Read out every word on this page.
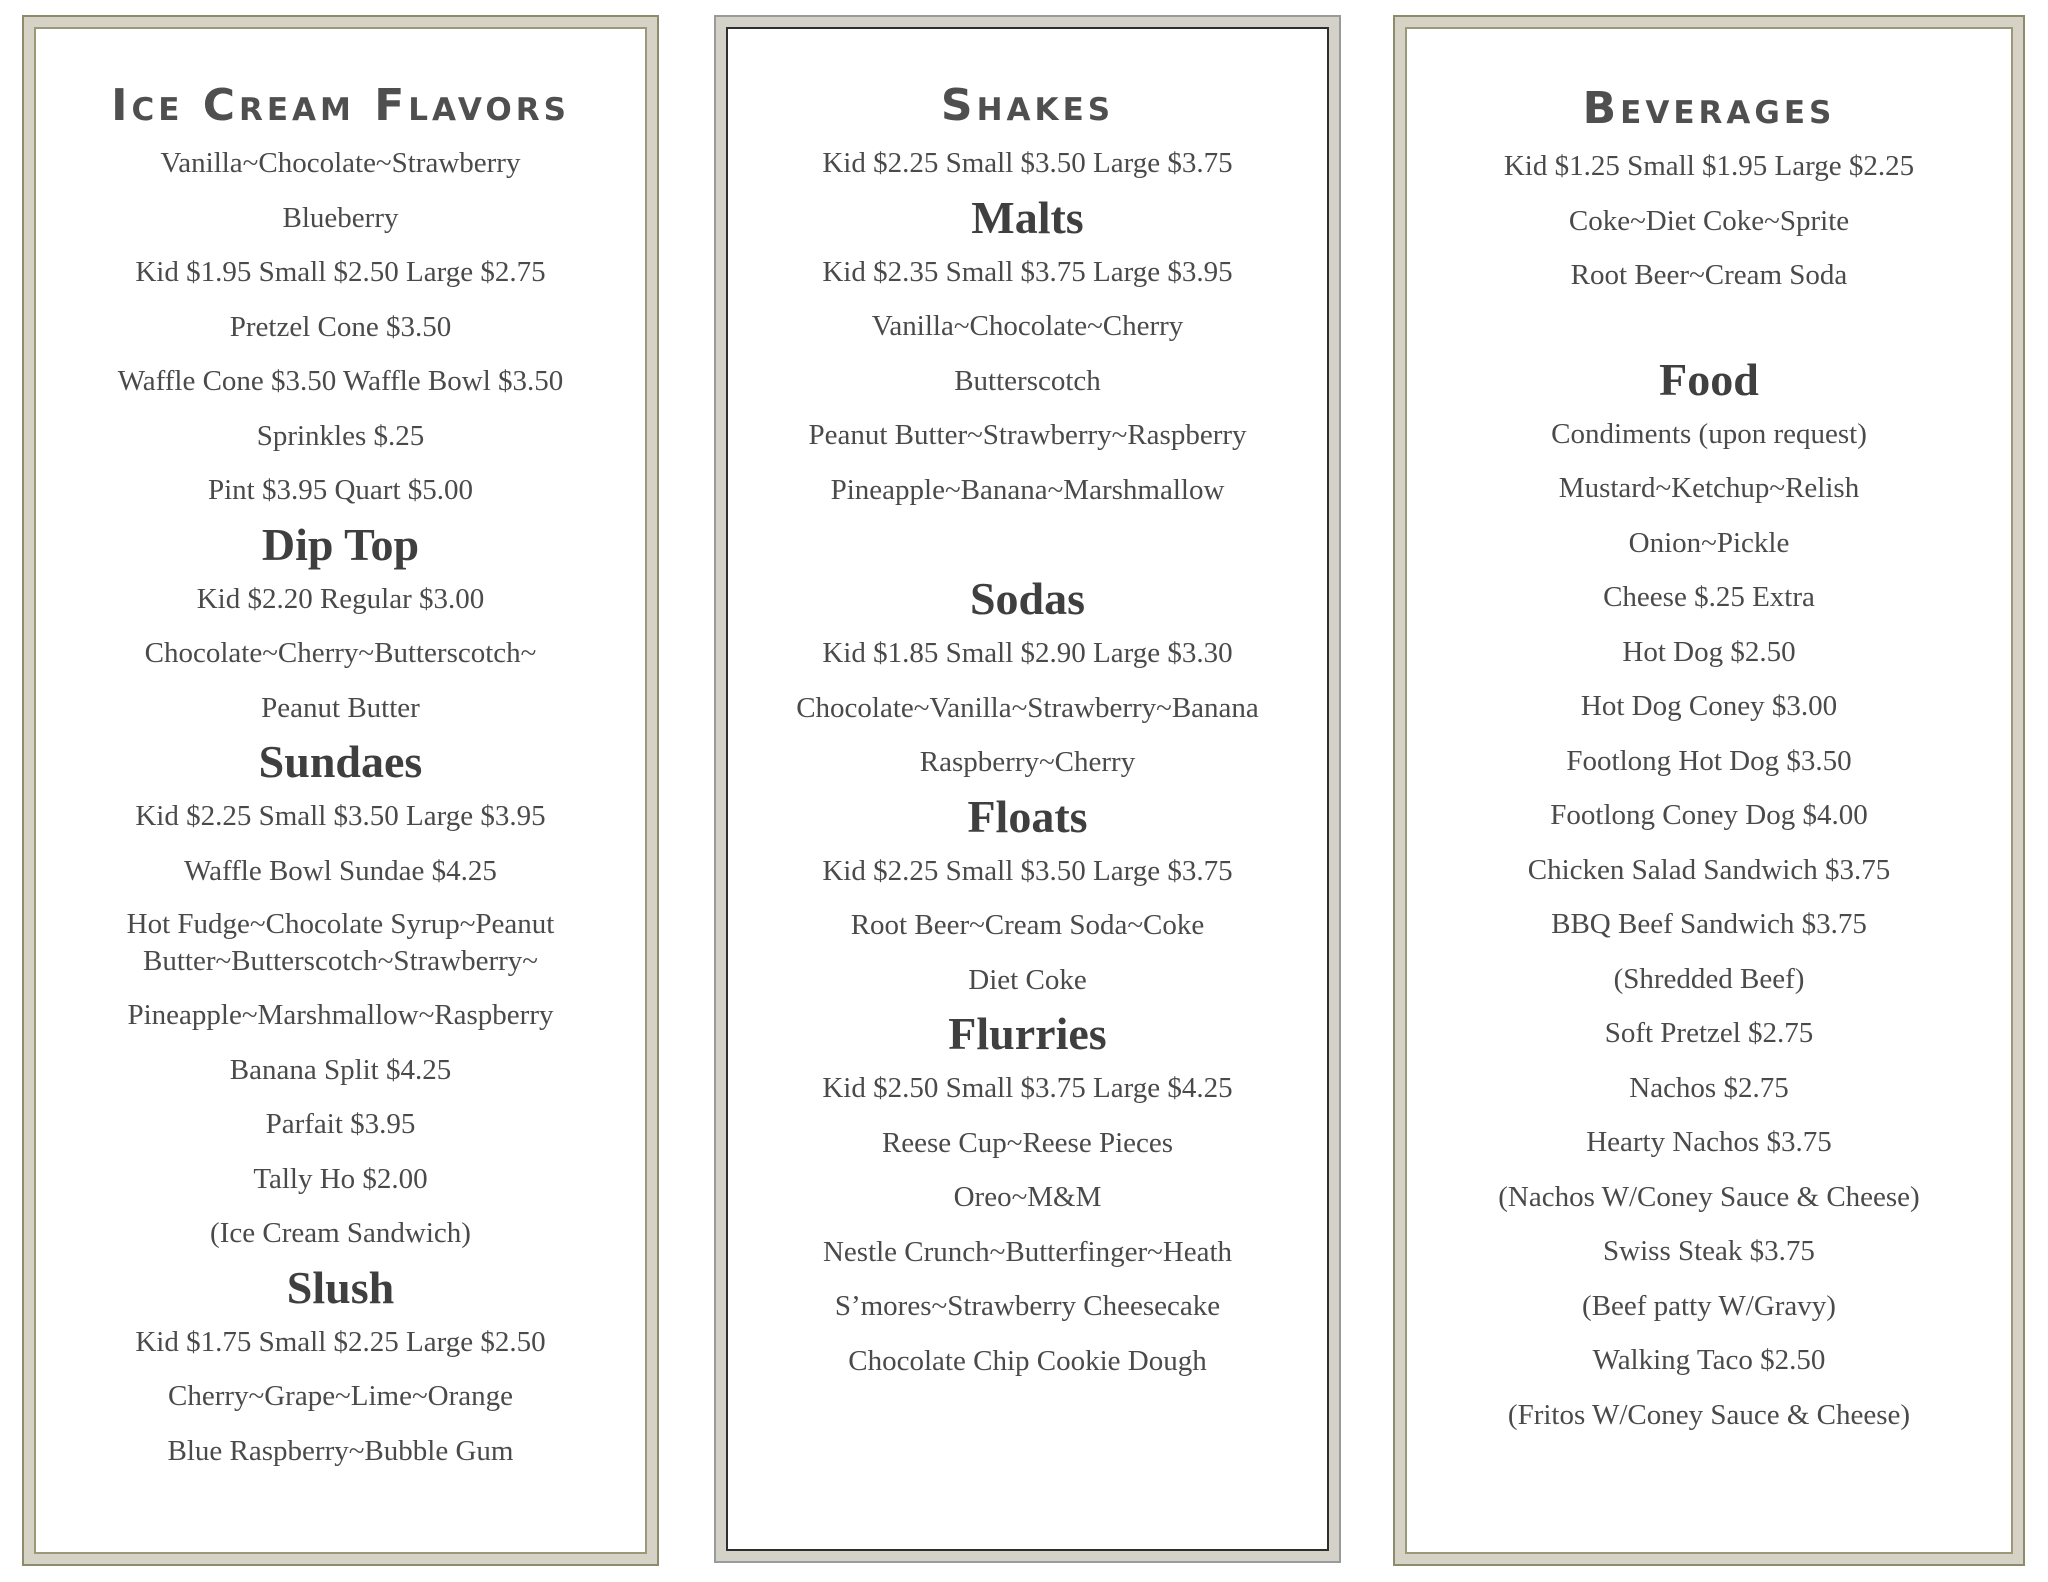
Ice Cream Flavors
Vanilla~Chocolate~Strawberry
Blueberry
Kid $1.95 Small $2.50 Large $2.75
Pretzel Cone $3.50
Waffle Cone $3.50 Waffle Bowl $3.50
Sprinkles $.25
Pint $3.95 Quart $5.00
Dip Top
Kid $2.20 Regular $3.00
Chocolate~Cherry~Butterscotch~
Peanut Butter
Sundaes
Kid $2.25 Small $3.50 Large $3.95
Waffle Bowl Sundae $4.25
Hot Fudge~Chocolate Syrup~Peanut Butter~Butterscotch~Strawberry~
Pineapple~Marshmallow~Raspberry
Banana Split $4.25
Parfait $3.95
Tally Ho $2.00
(Ice Cream Sandwich)
Slush
Kid $1.75 Small $2.25 Large $2.50
Cherry~Grape~Lime~Orange
Blue Raspberry~Bubble Gum
Shakes
Kid $2.25 Small $3.50 Large $3.75
Malts
Kid $2.35 Small $3.75 Large $3.95
Vanilla~Chocolate~Cherry
Butterscotch
Peanut Butter~Strawberry~Raspberry
Pineapple~Banana~Marshmallow
Sodas
Kid $1.85 Small $2.90 Large $3.30
Chocolate~Vanilla~Strawberry~Banana
Raspberry~Cherry
Floats
Kid $2.25 Small $3.50 Large $3.75
Root Beer~Cream Soda~Coke
Diet Coke
Flurries
Kid $2.50 Small $3.75 Large $4.25
Reese Cup~Reese Pieces
Oreo~M&M
Nestle Crunch~Butterfinger~Heath
S’mores~Strawberry Cheesecake
Chocolate Chip Cookie Dough
Beverages
Kid $1.25 Small $1.95 Large $2.25
Coke~Diet Coke~Sprite
Root Beer~Cream Soda
Food
Condiments (upon request)
Mustard~Ketchup~Relish
Onion~Pickle
Cheese $.25 Extra
Hot Dog $2.50
Hot Dog Coney $3.00
Footlong Hot Dog $3.50
Footlong Coney Dog $4.00
Chicken Salad Sandwich $3.75
BBQ Beef Sandwich $3.75
(Shredded Beef)
Soft Pretzel $2.75
Nachos $2.75
Hearty Nachos $3.75
(Nachos W/Coney Sauce & Cheese)
Swiss Steak $3.75
(Beef patty W/Gravy)
Walking Taco $2.50
(Fritos W/Coney Sauce & Cheese)
